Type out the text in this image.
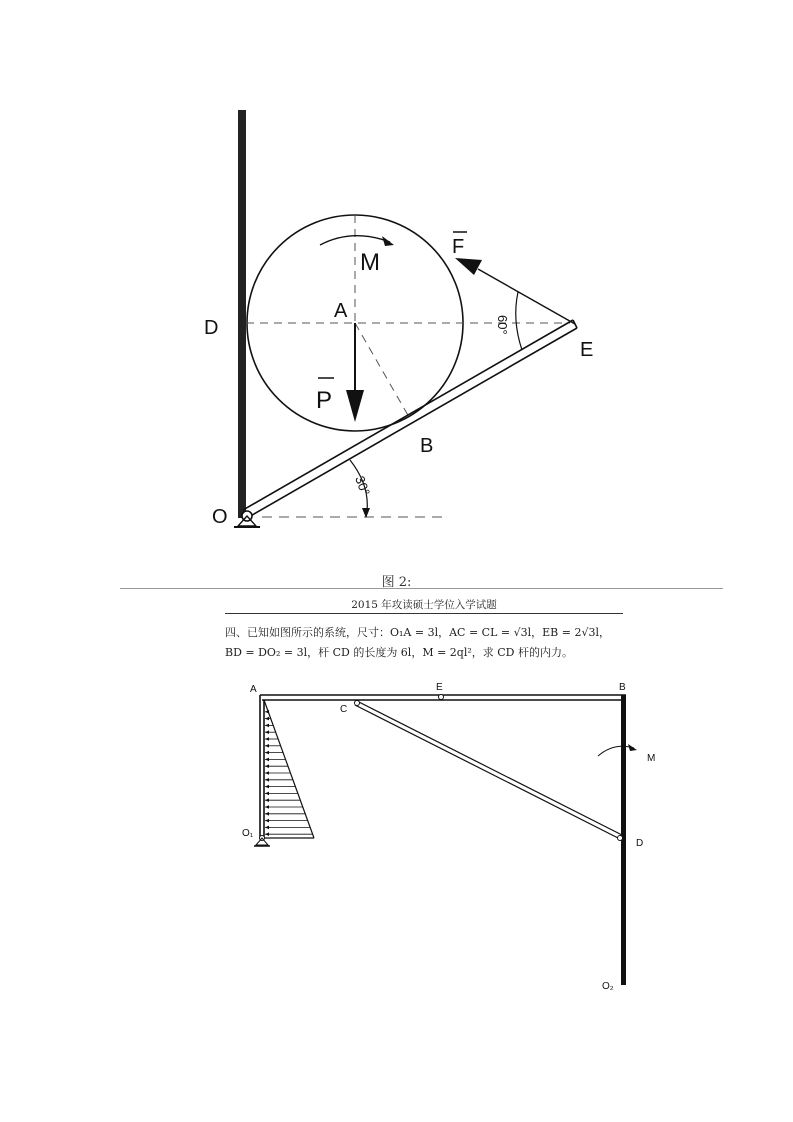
D
A
M
F
E
P
B
O
60°
30°
图 2:
2015 年攻读硕士学位入学试题
四、已知如图所示的系统，尺寸：O₁A = 3l，AC = CL = √3l，EB = 2√3l，
BD = DO₂ = 3l，杆 CD 的长度为 6l，M = 2ql²，求 CD 杆的内力。
A	E	B
C
M
O₁
D
O₂
